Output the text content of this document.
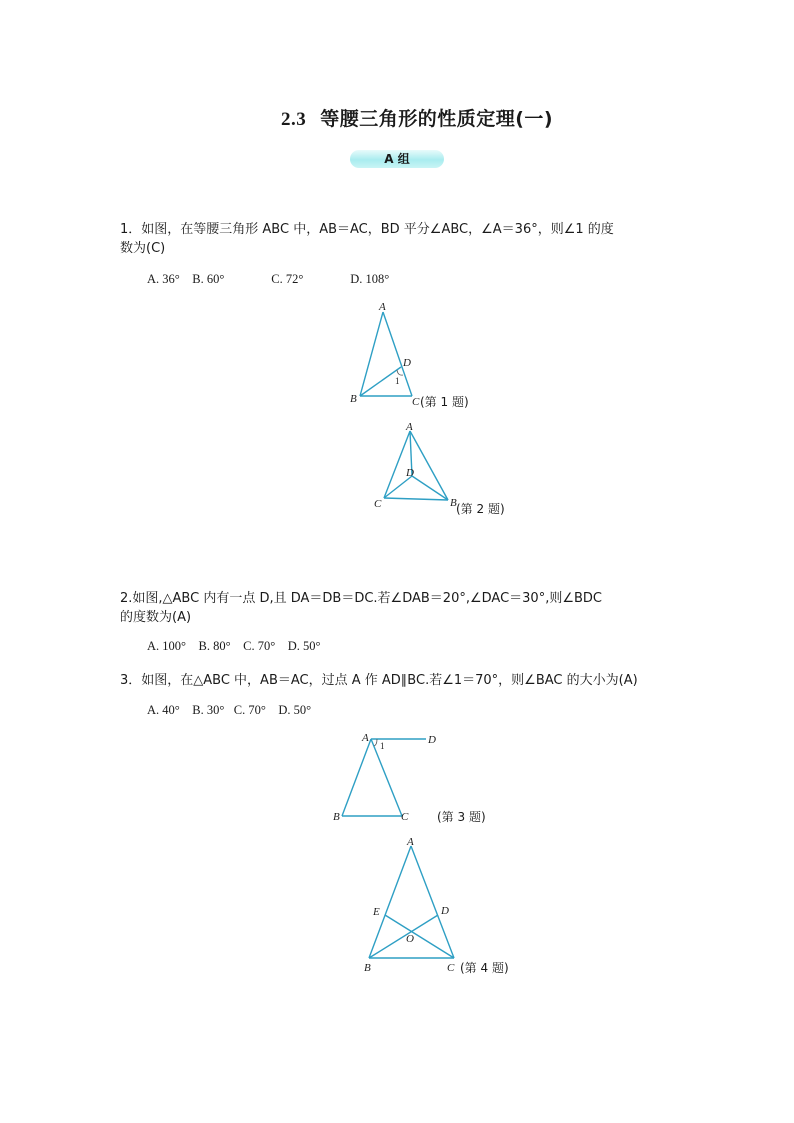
2.3 等腰三角形的性质定理(一)
A 组
1．如图，在等腰三角形 ABC 中，AB＝AC，BD 平分∠ABC，∠A＝36°，则∠1 的度
数为(C)
A. 36°    B. 60°               C. 72°               D. 108°
A
B	C
D
1
(第 1 题)
A
C	B
D
(第 2 题)
2.如图,△ABC 内有一点 D,且 DA＝DB＝DC.若∠DAB＝20°,∠DAC＝30°,则∠BDC
的度数为(A)
A. 100°    B. 80°    C. 70°    D. 50°
3．如图，在△ABC 中，AB＝AC，过点 A 作 AD∥BC.若∠1＝70°，则∠BAC 的大小为(A)
A. 40°    B. 30°   C. 70°    D. 50°
A	D
B	C
1
(第 3 题)
A
E	D
O
B	C (第 4 题)
